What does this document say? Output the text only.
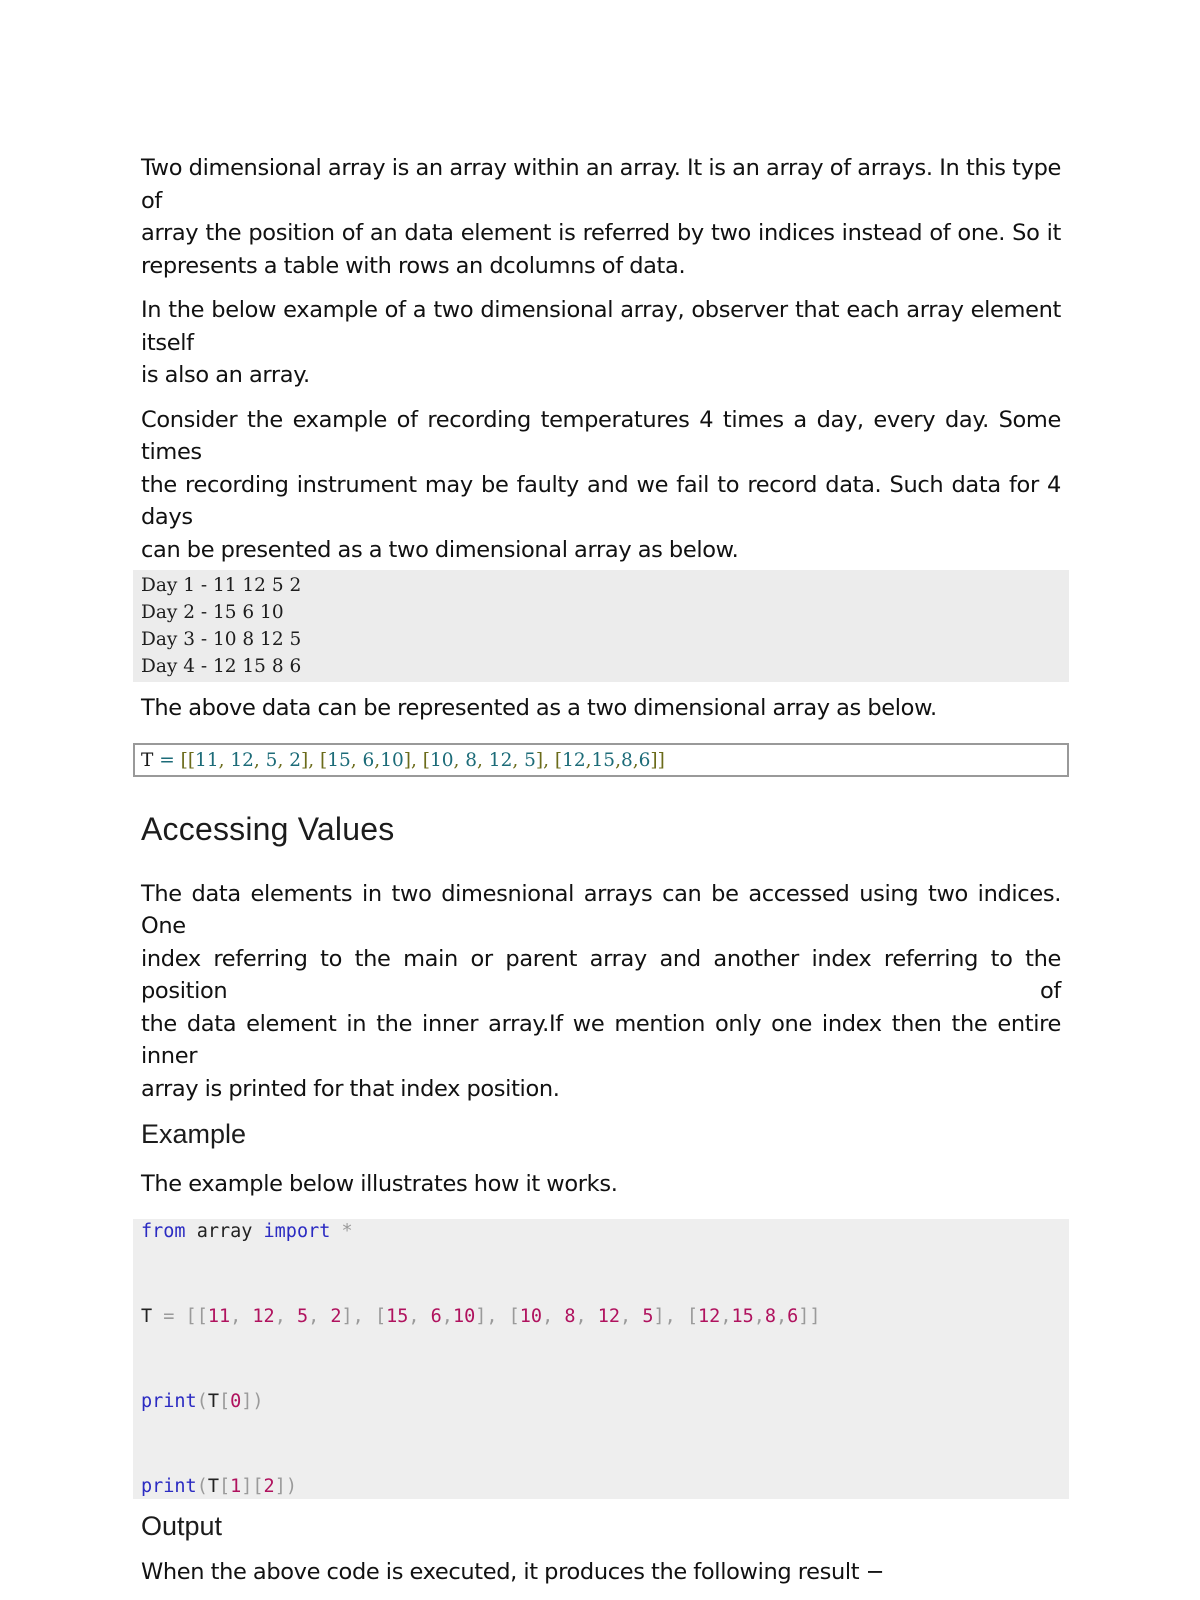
Two dimensional array is an array within an array. It is an array of arrays. In this type of
array the position of an data element is referred by two indices instead of one. So it
represents a table with rows an dcolumns of data.

In the below example of a two dimensional array, observer that each array element itself
is also an array.

Consider the example of recording temperatures 4 times a day, every day. Some times
the recording instrument may be faulty and we fail to record data. Such data for 4 days
can be presented as a two dimensional array as below.

Day 1 - 11 12 5 2
Day 2 - 15 6 10
Day 3 - 10 8 12 5
Day 4 - 12 15 8 6

The above data can be represented as a two dimensional array as below.

T = [[11, 12, 5, 2], [15, 6,10], [10, 8, 12, 5], [12,15,8,6]]
Accessing Values

The data elements in two dimesnional arrays can be accessed using two indices. One
index referring to the main or parent array and another index referring to the position of
the data element in the inner array.If we mention only one index then the entire inner
array is printed for that index position.

Example

The example below illustrates how it works.

from array import *
T = [[11, 12, 5, 2], [15, 6,10], [10, 8, 12, 5], [12,15,8,6]]
print(T[0])
print(T[1][2])
Output

When the above code is executed, it produces the following result −
